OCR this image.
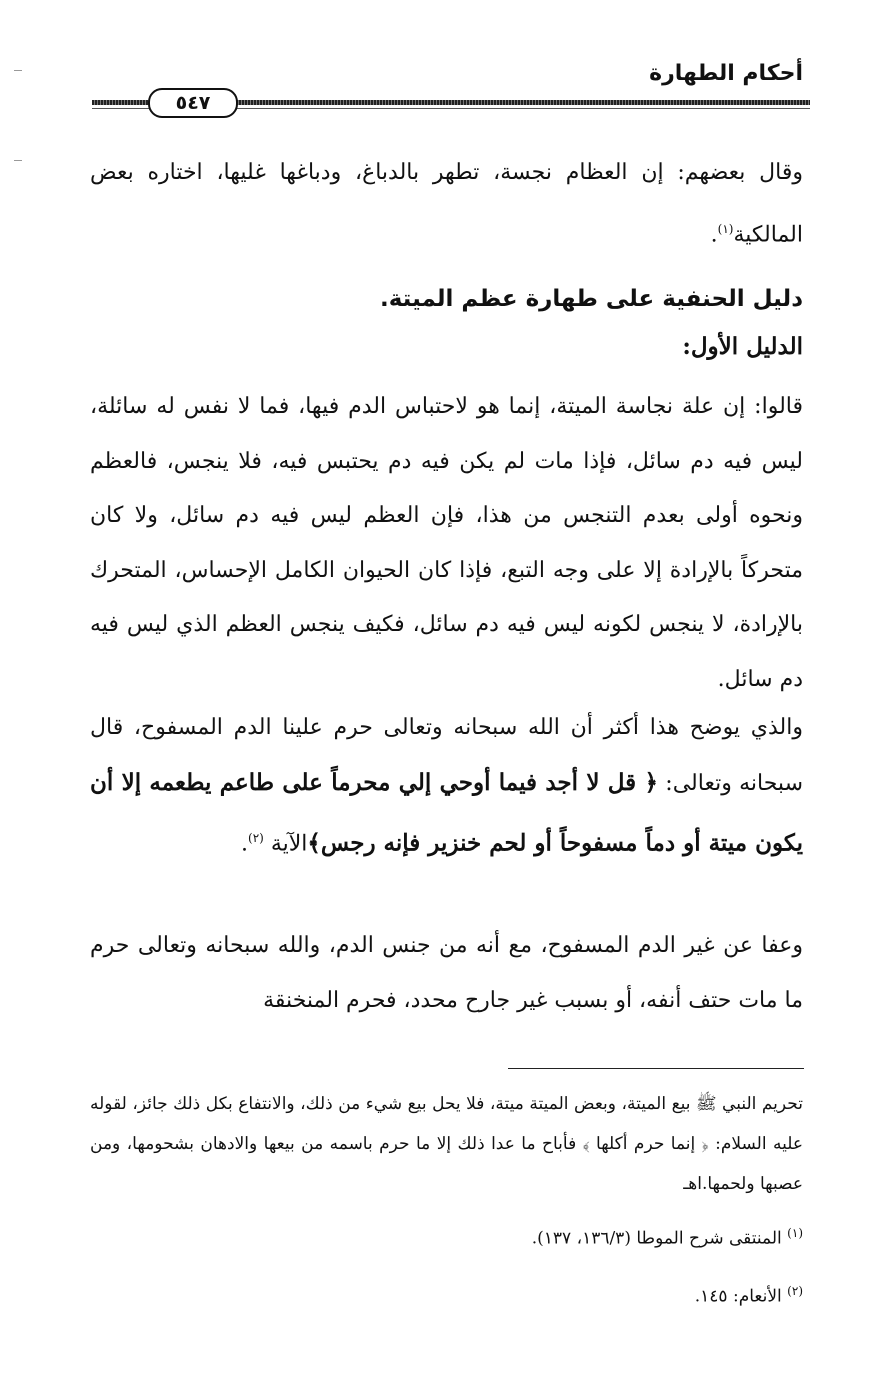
أحكام الطهارة
٥٤٧
وقال بعضهم: إن العظام نجسة، تطهر بالدباغ، ودباغها غليها، اختاره بعض المالكية$^{(١)}$.
دليل الحنفية على طهارة عظم الميتة.
الدليل الأول:
قالوا: إن علة نجاسة الميتة، إنما هو لاحتباس الدم فيها، فما لا نفس له سائلة، ليس فيه دم سائل، فإذا مات لم يكن فيه دم يحتبس فيه، فلا ينجس، فالعظم ونحوه أولى بعدم التنجس من هذا، فإن العظم ليس فيه دم سائل، ولا كان متحركاً بالإرادة إلا على وجه التبع، فإذا كان الحيوان الكامل الإحساس، المتحرك بالإرادة، لا ينجس لكونه ليس فيه دم سائل، فكيف ينجس العظم الذي ليس فيه دم سائل.
والذي يوضح هذا أكثر أن الله سبحانه وتعالى حرم علينا الدم المسفوح، قال سبحانه وتعالى: ﴿ قل لا أجد فيما أوحي إلي محرماً على طاعم يطعمه إلا أن يكون ميتة أو دماً مسفوحاً أو لحم خنزير فإنه رجس﴾الآية $^{(٢)}$.
وعفا عن غير الدم المسفوح، مع أنه من جنس الدم، والله سبحانه وتعالى حرم ما مات حتف أنفه، أو بسبب غير جارح محدد، فحرم المنخنقة
تحريم النبي ﷺ بيع الميتة، وبعض الميتة ميتة، فلا يحل بيع شيء من ذلك، والانتفاع بكل ذلك جائز، لقوله عليه السلام: ﴿ إنما حرم أكلها ﴾ فأباح ما عدا ذلك إلا ما حرم باسمه من بيعها والادهان بشحومها، ومن عصبها ولحمها.اهـ
$^{(١)}$ المنتقى شرح الموطا (١٣٦/٣، ١٣٧).
$^{(٢)}$ الأنعام: ١٤٥.
